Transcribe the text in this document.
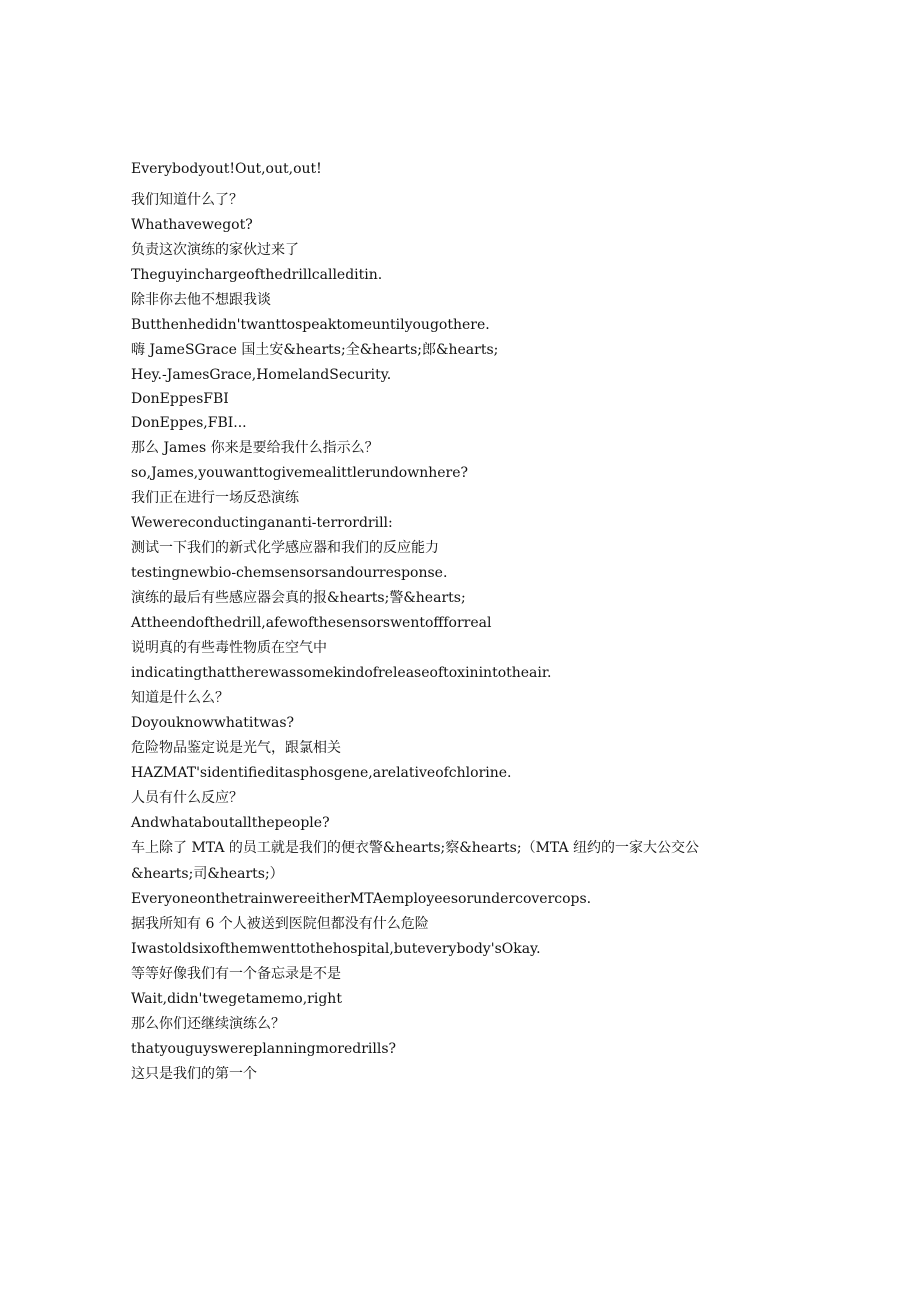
Everybodyout!Out,out,out!
我们知道什么了？
Whathavewegot?
负责这次演练的家伙过来了
Theguyinchargeofthedrillcalleditin.
除非你去他不想跟我谈
Butthenhedidn'twanttospeaktomeuntilyougothere.
嗨 JameSGrace 国土安&hearts;全&hearts;郎&hearts;
Hey.-JamesGrace,HomelandSecurity.
DonEppesFBI
DonEppes,FBI...
那么 James 你来是要给我什么指示么？
so,James,youwanttogivemealittlerundownhere?
我们正在进行一场反恐演练
Wewereconductingananti-terrordrill:
测试一下我们的新式化学感应器和我们的反应能力
testingnewbio-chemsensorsandourresponse.
演练的最后有些感应器会真的报&hearts;警&hearts;
Attheendofthedrill,afewofthesensorswentoffforreal
说明真的有些毒性物质在空气中
indicatingthattherewassomekindofreleaseoftoxinintotheair.
知道是什么么？
Doyouknowwhatitwas?
危险物品鉴定说是光气，跟氯相关
HAZMAT'sidentifieditasphosgene,arelativeofchlorine.
人员有什么反应？
Andwhataboutallthepeople?
车上除了 MTA 的员工就是我们的便衣警&hearts;察&hearts;（MTA 纽约的一家大公交公
&hearts;司&hearts;）
EveryoneonthetrainwereeitherMTAemployeesorundercovercops.
据我所知有 6 个人被送到医院但都没有什么危险
Iwastoldsixofthemwenttothehospital,buteverybody'sOkay.
等等好像我们有一个备忘录是不是
Wait,didn'twegetamemo,right
那么你们还继续演练么？
thatyouguyswereplanningmoredrills?
这只是我们的第一个
